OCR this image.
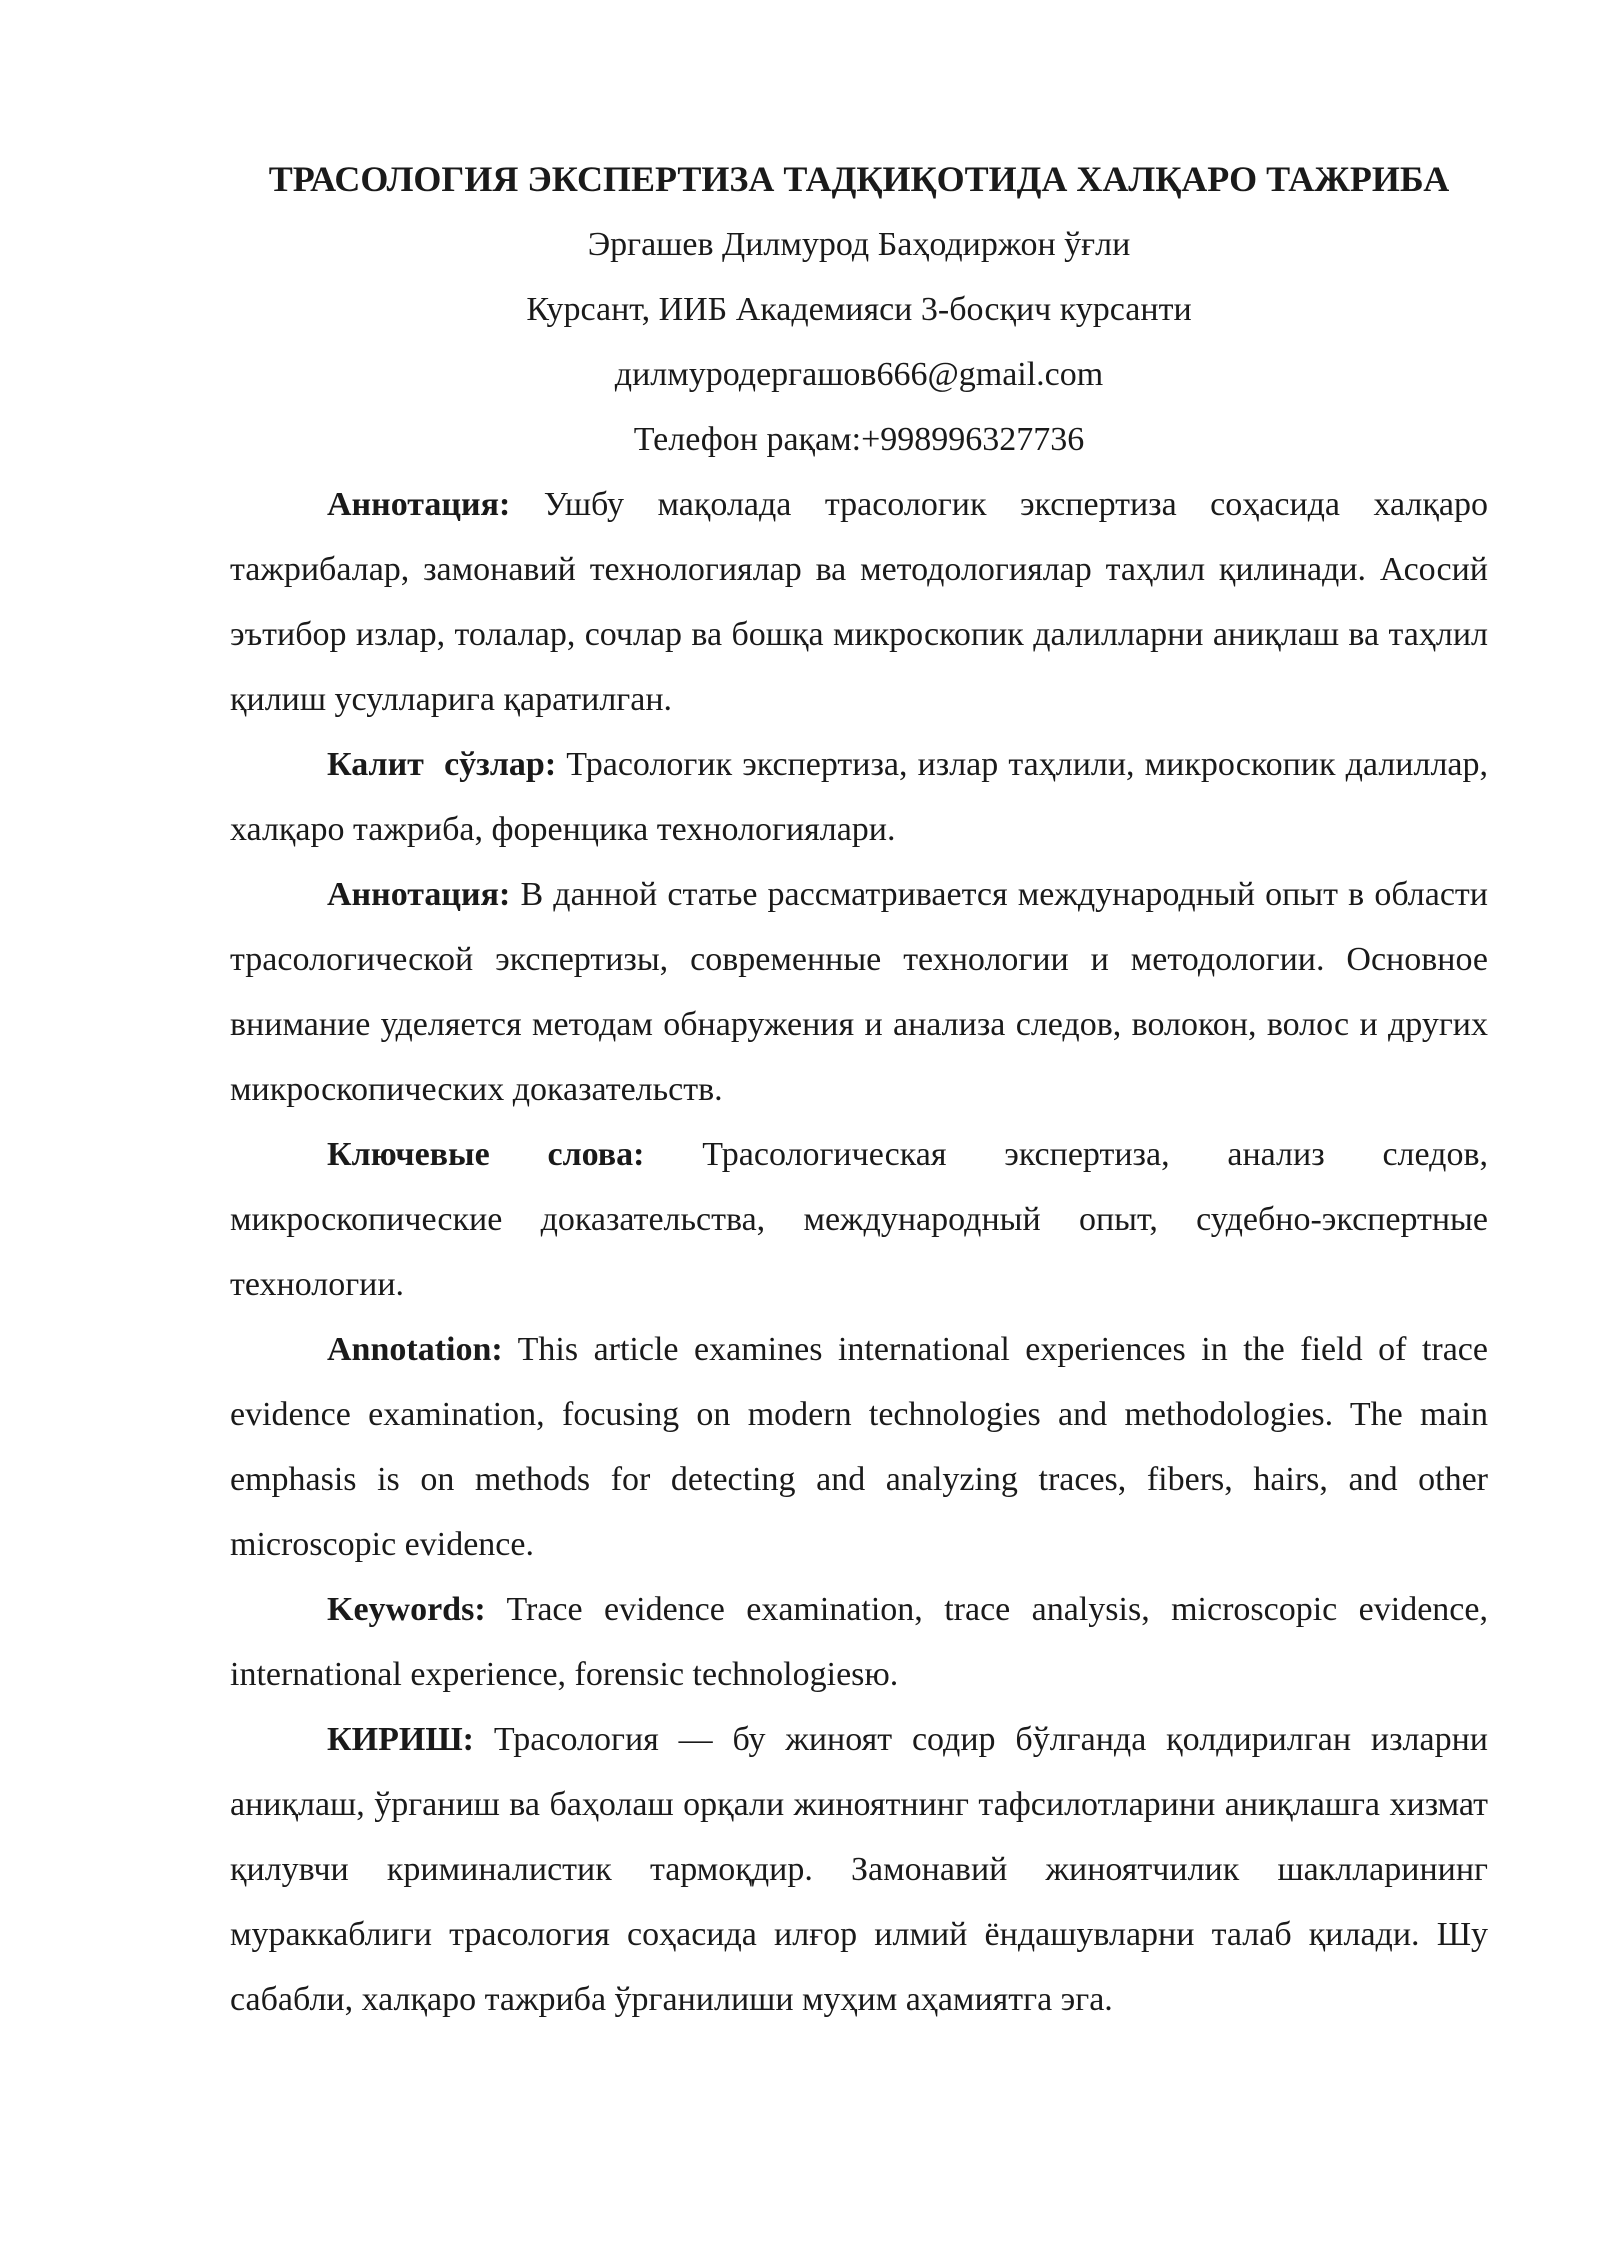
ТРАСОЛОГИЯ ЭКСПЕРТИЗА ТАДҚИҚОТИДА ХАЛҚАРО ТАЖРИБА

Эргашев Дилмурод Баҳодиржон ўғли

Курсант, ИИБ Академияси 3-босқич курсанти

дилмуродергашов666@gmail.com

Телефон рақам:+998996327736

Аннотация: Ушбу мақолада трасологик экспертиза соҳасида халқаро тажрибалар, замонавий технологиялар ва методологиялар таҳлил қилинади. Асосий эътибор излар, толалар, сочлар ва бошқа микроскопик далилларни аниқлаш ва таҳлил қилиш усулларига қаратилган.

Калит  сўзлар: Трасологик экспертиза, излар таҳлили, микроскопик далиллар, халқаро тажриба, форенцика технологиялари.

Аннотация: В данной статье рассматривается международный опыт в области трасологической экспертизы, современные технологии и методологии. Основное внимание уделяется методам обнаружения и анализа следов, волокон, волос и других микроскопических доказательств.

Ключевые слова: Трасологическая экспертиза, анализ следов, микроскопические доказательства, международный опыт, судебно-экспертные технологии.

Annotation: This article examines international experiences in the field of trace evidence examination, focusing on modern technologies and methodologies. The main emphasis is on methods for detecting and analyzing traces, fibers, hairs, and other microscopic evidence.

Keywords: Trace evidence examination, trace analysis, microscopic evidence, international experience, forensic technologiesю.

КИРИШ: Трасология — бу жиноят содир бўлганда қолдирилган изларни аниқлаш, ўрганиш ва баҳолаш орқали жиноятнинг тафсилотларини аниқлашга хизмат қилувчи криминалистик тармоқдир. Замонавий жиноятчилик шаклларининг мураккаблиги трасология соҳасида илғор илмий ёндашувларни талаб қилади. Шу сабабли, халқаро тажриба ўрганилиши муҳим аҳамиятга эга.
